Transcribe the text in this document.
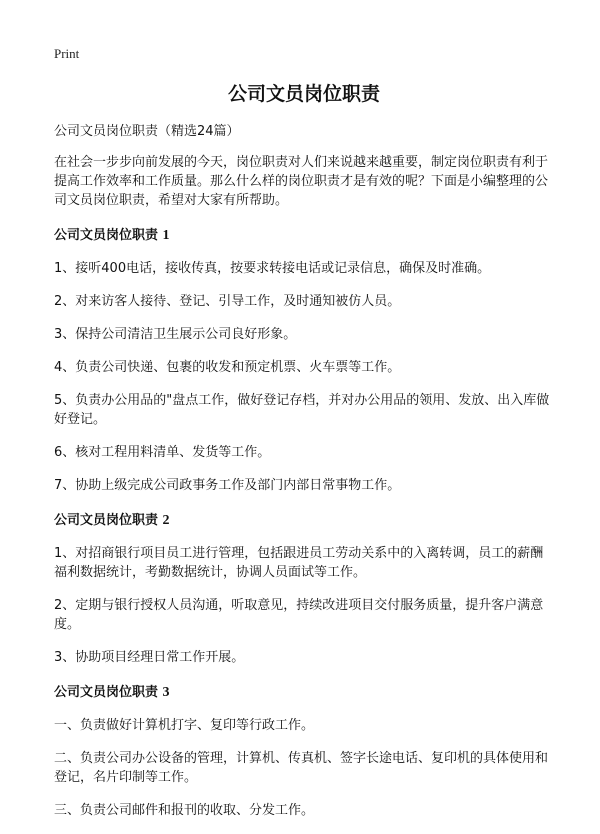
Print
公司文员岗位职责

公司文员岗位职责（精选24篇）

在社会一步步向前发展的今天，岗位职责对人们来说越来越重要，制定岗位职责有利于提高工作效率和工作质量。那么什么样的岗位职责才是有效的呢？下面是小编整理的公司文员岗位职责，希望对大家有所帮助。

公司文员岗位职责 1

1、接听400电话，接收传真，按要求转接电话或记录信息，确保及时准确。

2、对来访客人接待、登记、引导工作，及时通知被仿人员。

3、保持公司清洁卫生展示公司良好形象。

4、负责公司快递、包裹的收发和预定机票、火车票等工作。

5、负责办公用品的"盘点工作，做好登记存档，并对办公用品的领用、发放、出入库做好登记。

6、核对工程用料清单、发货等工作。

7、协助上级完成公司政事务工作及部门内部日常事物工作。

公司文员岗位职责 2

1、对招商银行项目员工进行管理，包括跟进员工劳动关系中的入离转调，员工的薪酬福利数据统计，考勤数据统计，协调人员面试等工作。

2、定期与银行授权人员沟通，听取意见，持续改进项目交付服务质量，提升客户满意度。

3、协助项目经理日常工作开展。

公司文员岗位职责 3

一、负责做好计算机打字、复印等行政工作。

二、负责公司办公设备的管理，计算机、传真机、签字长途电话、复印机的具体使用和登记，名片印制等工作。

三、负责公司邮件和报刊的收取、分发工作。
